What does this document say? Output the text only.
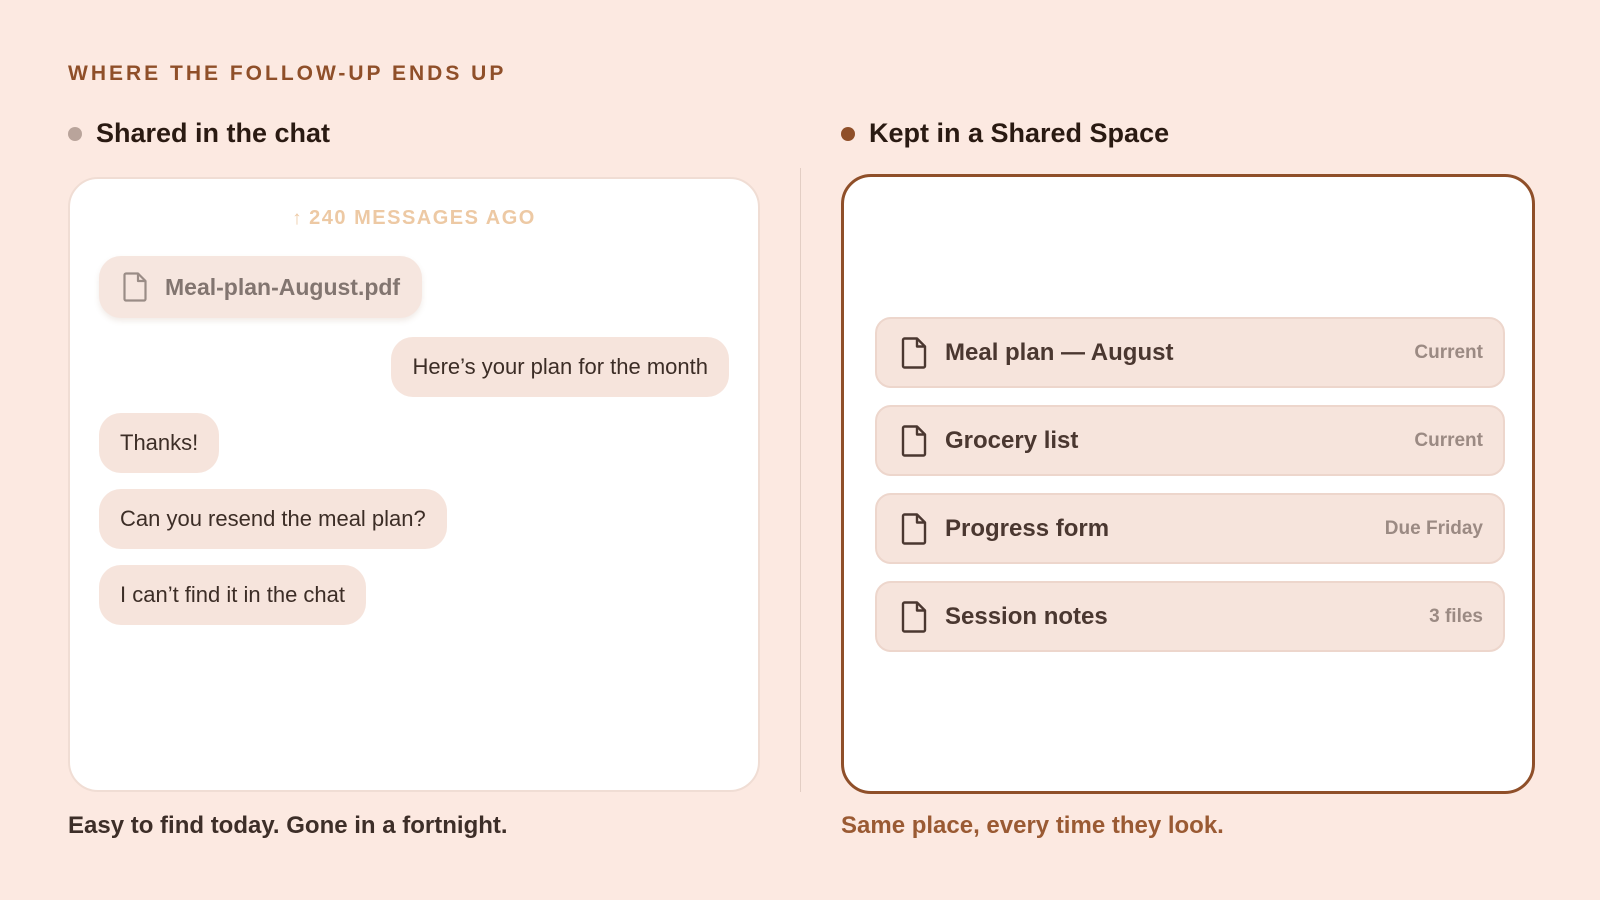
WHERE THE FOLLOW-UP ENDS UP
Shared in the chat	Kept in a Shared Space
↑ 240 MESSAGES AGO
Meal-plan-August.pdf
Here’s your plan for the month
Thanks!
Can you resend the meal plan?
I can’t find it in the chat
Meal plan — August	Current
Grocery list	Current
Progress form	Due Friday
Session notes	3 files
Easy to find today. Gone in a fortnight.	Same place, every time they look.
